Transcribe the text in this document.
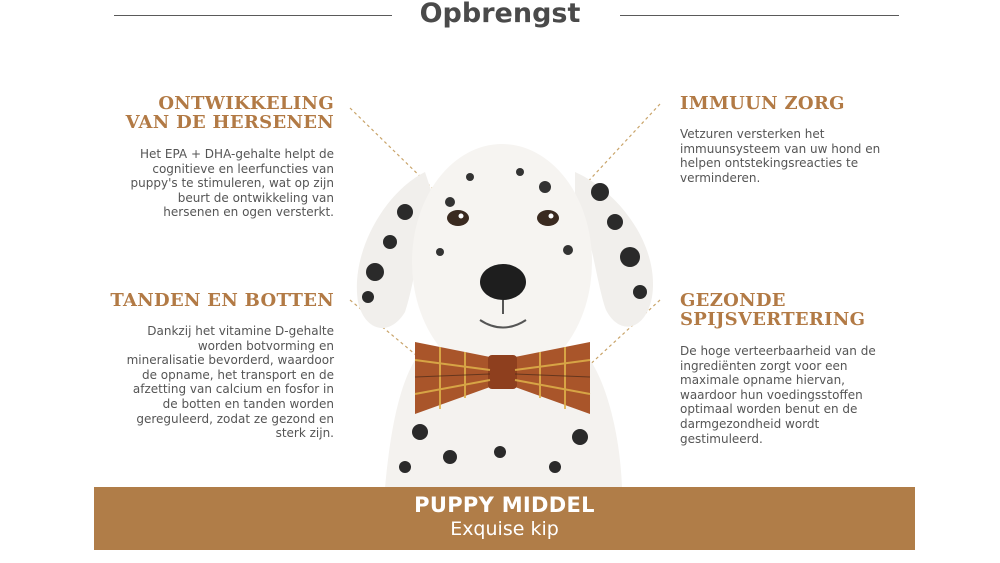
Opbrengst
ONTWIKKELING
VAN DE HERSENEN
Het EPA + DHA-gehalte helpt de
cognitieve en leerfuncties van
puppy's te stimuleren, wat op zijn
beurt de ontwikkeling van
hersenen en ogen versterkt.
IMMUUN ZORG
Vetzuren versterken het
immuunsysteem van uw hond en
helpen ontstekingsreacties te
verminderen.
TANDEN EN BOTTEN
Dankzij het vitamine D-gehalte
worden botvorming en
mineralisatie bevorderd, waardoor
de opname, het transport en de
afzetting van calcium en fosfor in
de botten en tanden worden
gereguleerd, zodat ze gezond en
sterk zijn.
GEZONDE
SPIJSVERTERING
De hoge verteerbaarheid van de
ingrediënten zorgt voor een
maximale opname hiervan,
waardoor hun voedingsstoffen
optimaal worden benut en de
darmgezondheid wordt
gestimuleerd.
PUPPY MIDDEL
Exquise kip
